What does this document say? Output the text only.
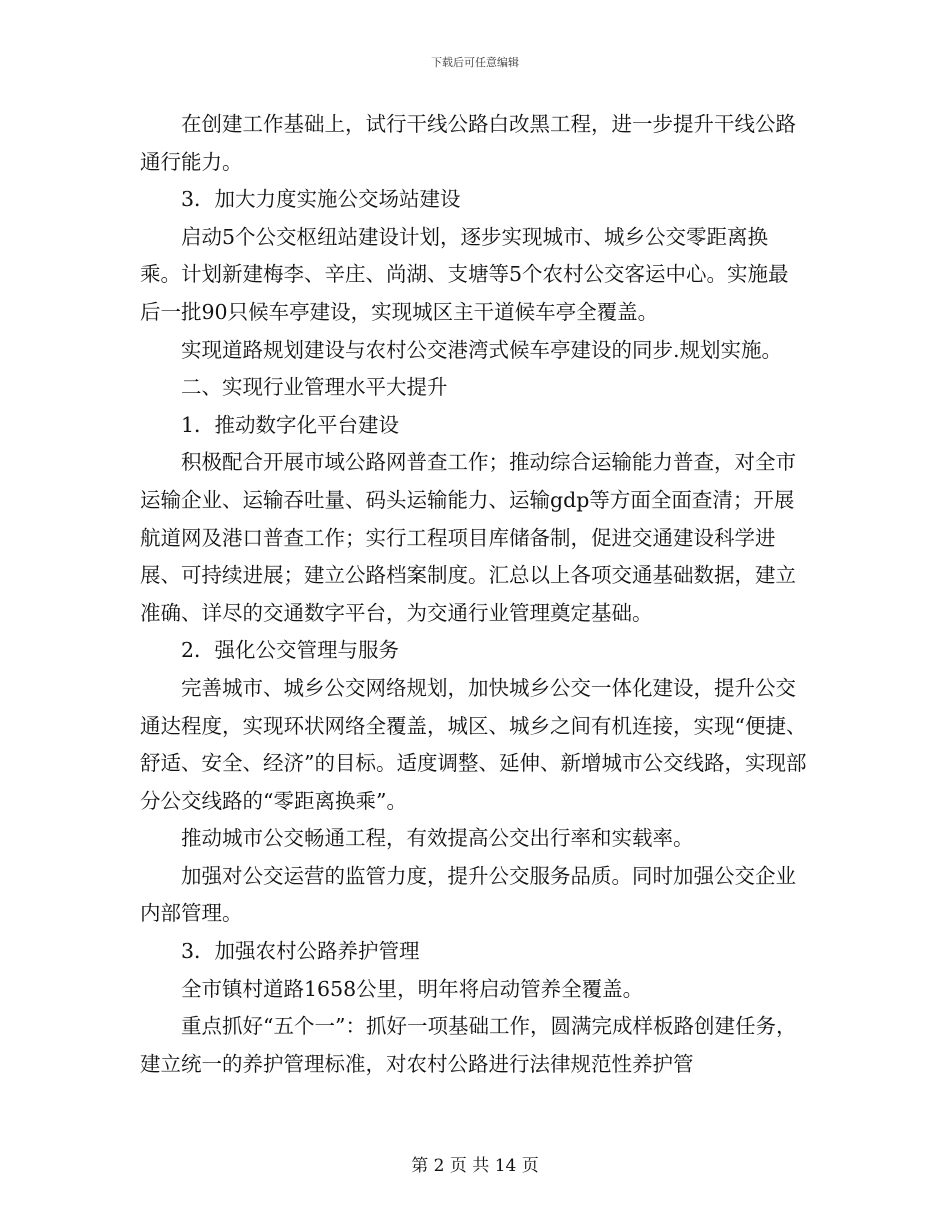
下载后可任意编辑

在创建工作基础上，试行干线公路白改黑工程，进一步提升干线公路通行能力。

3．加大力度实施公交场站建设

启动5个公交枢纽站建设计划，逐步实现城市、城乡公交零距离换乘。计划新建梅李、辛庄、尚湖、支塘等5个农村公交客运中心。实施最后一批90只候车亭建设，实现城区主干道候车亭全覆盖。

实现道路规划建设与农村公交港湾式候车亭建设的同步.规划实施。

二、实现行业管理水平大提升

1．推动数字化平台建设

积极配合开展市域公路网普查工作；推动综合运输能力普查，对全市运输企业、运输吞吐量、码头运输能力、运输gdp等方面全面查清；开展航道网及港口普查工作；实行工程项目库储备制，促进交通建设科学进展、可持续进展；建立公路档案制度。汇总以上各项交通基础数据，建立准确、详尽的交通数字平台，为交通行业管理奠定基础。

2．强化公交管理与服务

完善城市、城乡公交网络规划，加快城乡公交一体化建设，提升公交通达程度，实现环状网络全覆盖，城区、城乡之间有机连接，实现“便捷、舒适、安全、经济”的目标。适度调整、延伸、新增城市公交线路，实现部分公交线路的“零距离换乘”。

推动城市公交畅通工程，有效提高公交出行率和实载率。

加强对公交运营的监管力度，提升公交服务品质。同时加强公交企业内部管理。

3．加强农村公路养护管理

全市镇村道路1658公里，明年将启动管养全覆盖。

重点抓好“五个一”：抓好一项基础工作，圆满完成样板路创建任务，建立统一的养护管理标准，对农村公路进行法律规范性养护管

第 2 页 共 14 页
